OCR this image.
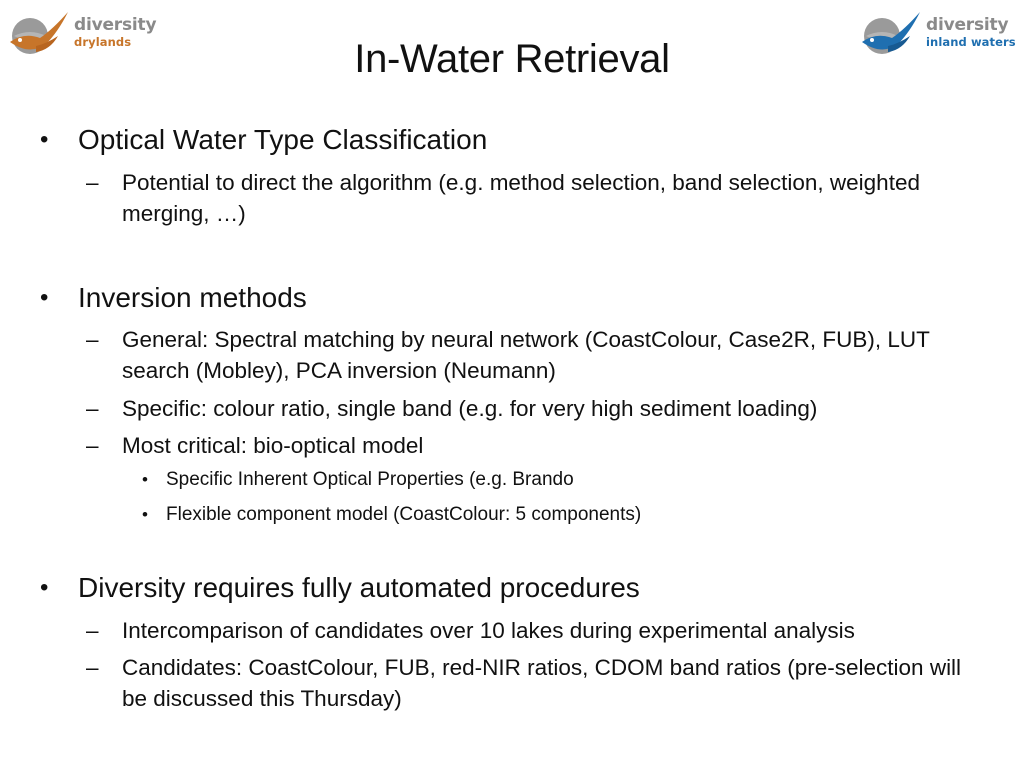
diversity
drylands
diversity
inland waters
In-Water Retrieval
• Optical Water Type Classification
– Potential to direct the algorithm (e.g. method selection, band selection, weighted merging, …)
• Inversion methods
– General: Spectral matching by neural network (CoastColour, Case2R, FUB), LUT search (Mobley), PCA inversion (Neumann)
– Specific: colour ratio, single band (e.g. for very high sediment loading)
– Most critical: bio-optical model
• Specific Inherent Optical Properties (e.g. Brando
• Flexible component model (CoastColour: 5 components)
• Diversity requires fully automated procedures
– Intercomparison of candidates over 10 lakes during experimental analysis
– Candidates: CoastColour, FUB, red-NIR ratios, CDOM band ratios (pre-selection will be discussed this Thursday)
